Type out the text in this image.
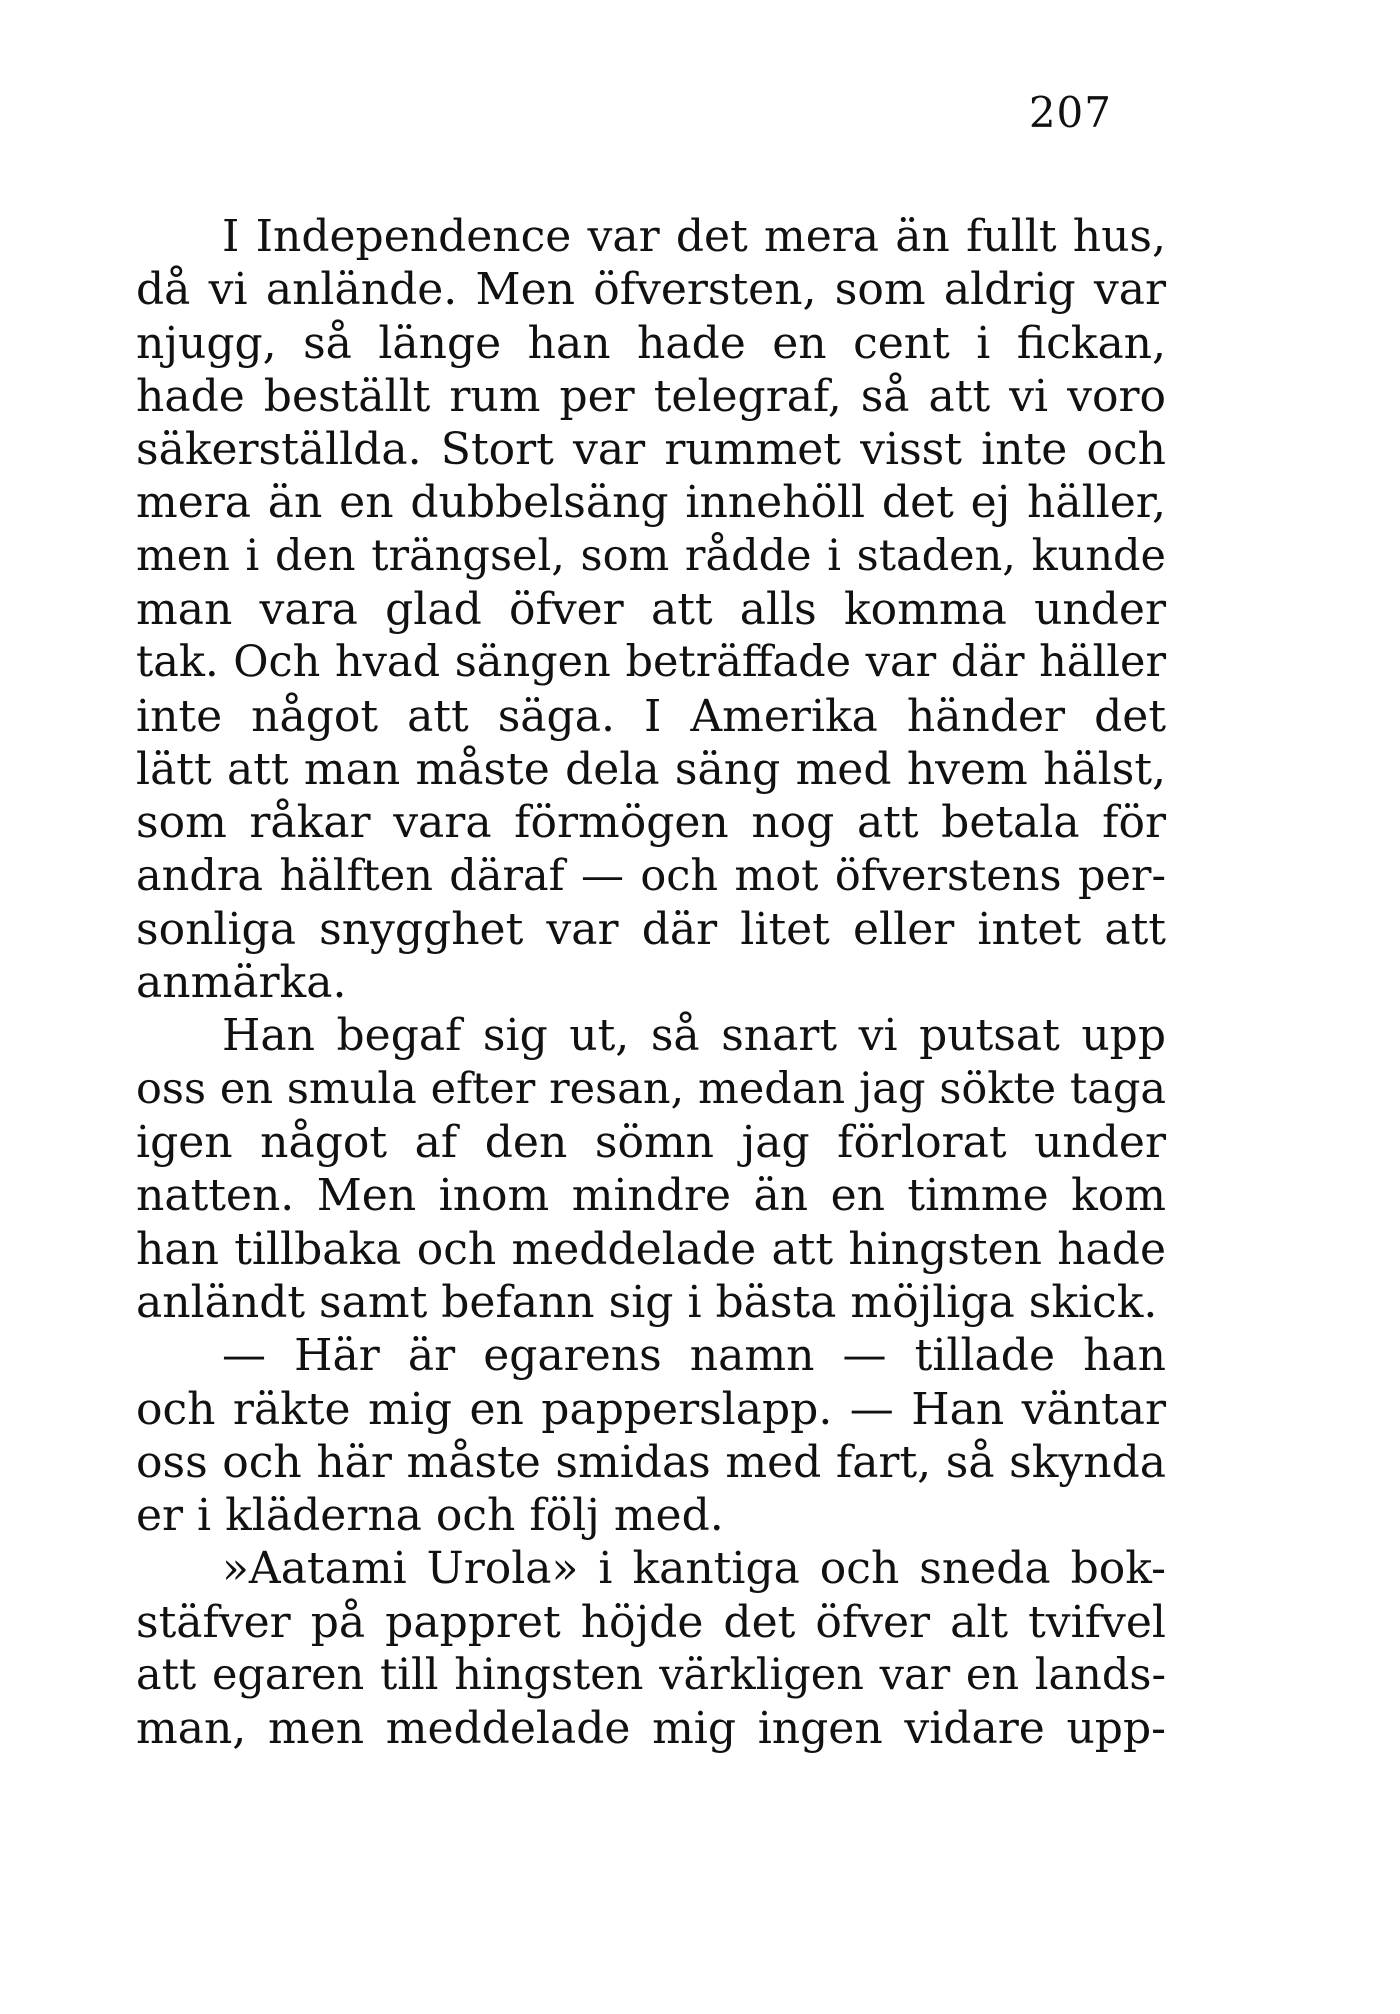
207
I Independence var det mera än fullt hus,
då vi anlände. Men öfversten, som aldrig var
njugg, så länge han hade en cent i fickan,
hade beställt rum per telegraf, så att vi voro
säkerställda. Stort var rummet visst inte och
mera än en dubbelsäng innehöll det ej häller,
men i den trängsel, som rådde i staden, kunde
man vara glad öfver att alls komma under
tak. Och hvad sängen beträffade var där häller
inte något att säga. I Amerika händer det
lätt att man måste dela säng med hvem hälst,
som råkar vara förmögen nog att betala för
andra hälften däraf — och mot öfverstens per-
sonliga snygghet var där litet eller intet att
anmärka.
Han begaf sig ut, så snart vi putsat upp
oss en smula efter resan, medan jag sökte taga
igen något af den sömn jag förlorat under
natten. Men inom mindre än en timme kom
han tillbaka och meddelade att hingsten hade
anländt samt befann sig i bästa möjliga skick.
— Här är egarens namn — tillade han
och räkte mig en papperslapp. — Han väntar
oss och här måste smidas med fart, så skynda
er i kläderna och följ med.
»Aatami Urola» i kantiga och sneda bok-
stäfver på pappret höjde det öfver alt tvifvel
att egaren till hingsten värkligen var en lands-
man, men meddelade mig ingen vidare upp-
